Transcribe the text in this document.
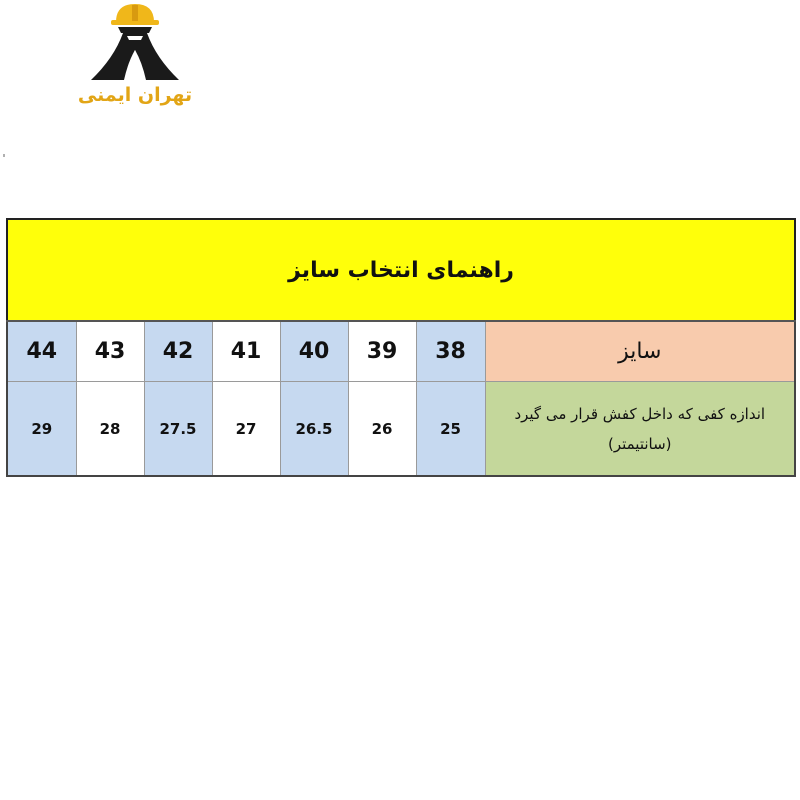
تهران ایمنی
راهنمای انتخاب سایز							
44	43	42	41	40	39	38	سایز
29	28	27.5	27	26.5	26	25	اندازه کفی که داخل کفش قرار می گیرد (سانتیمتر)
